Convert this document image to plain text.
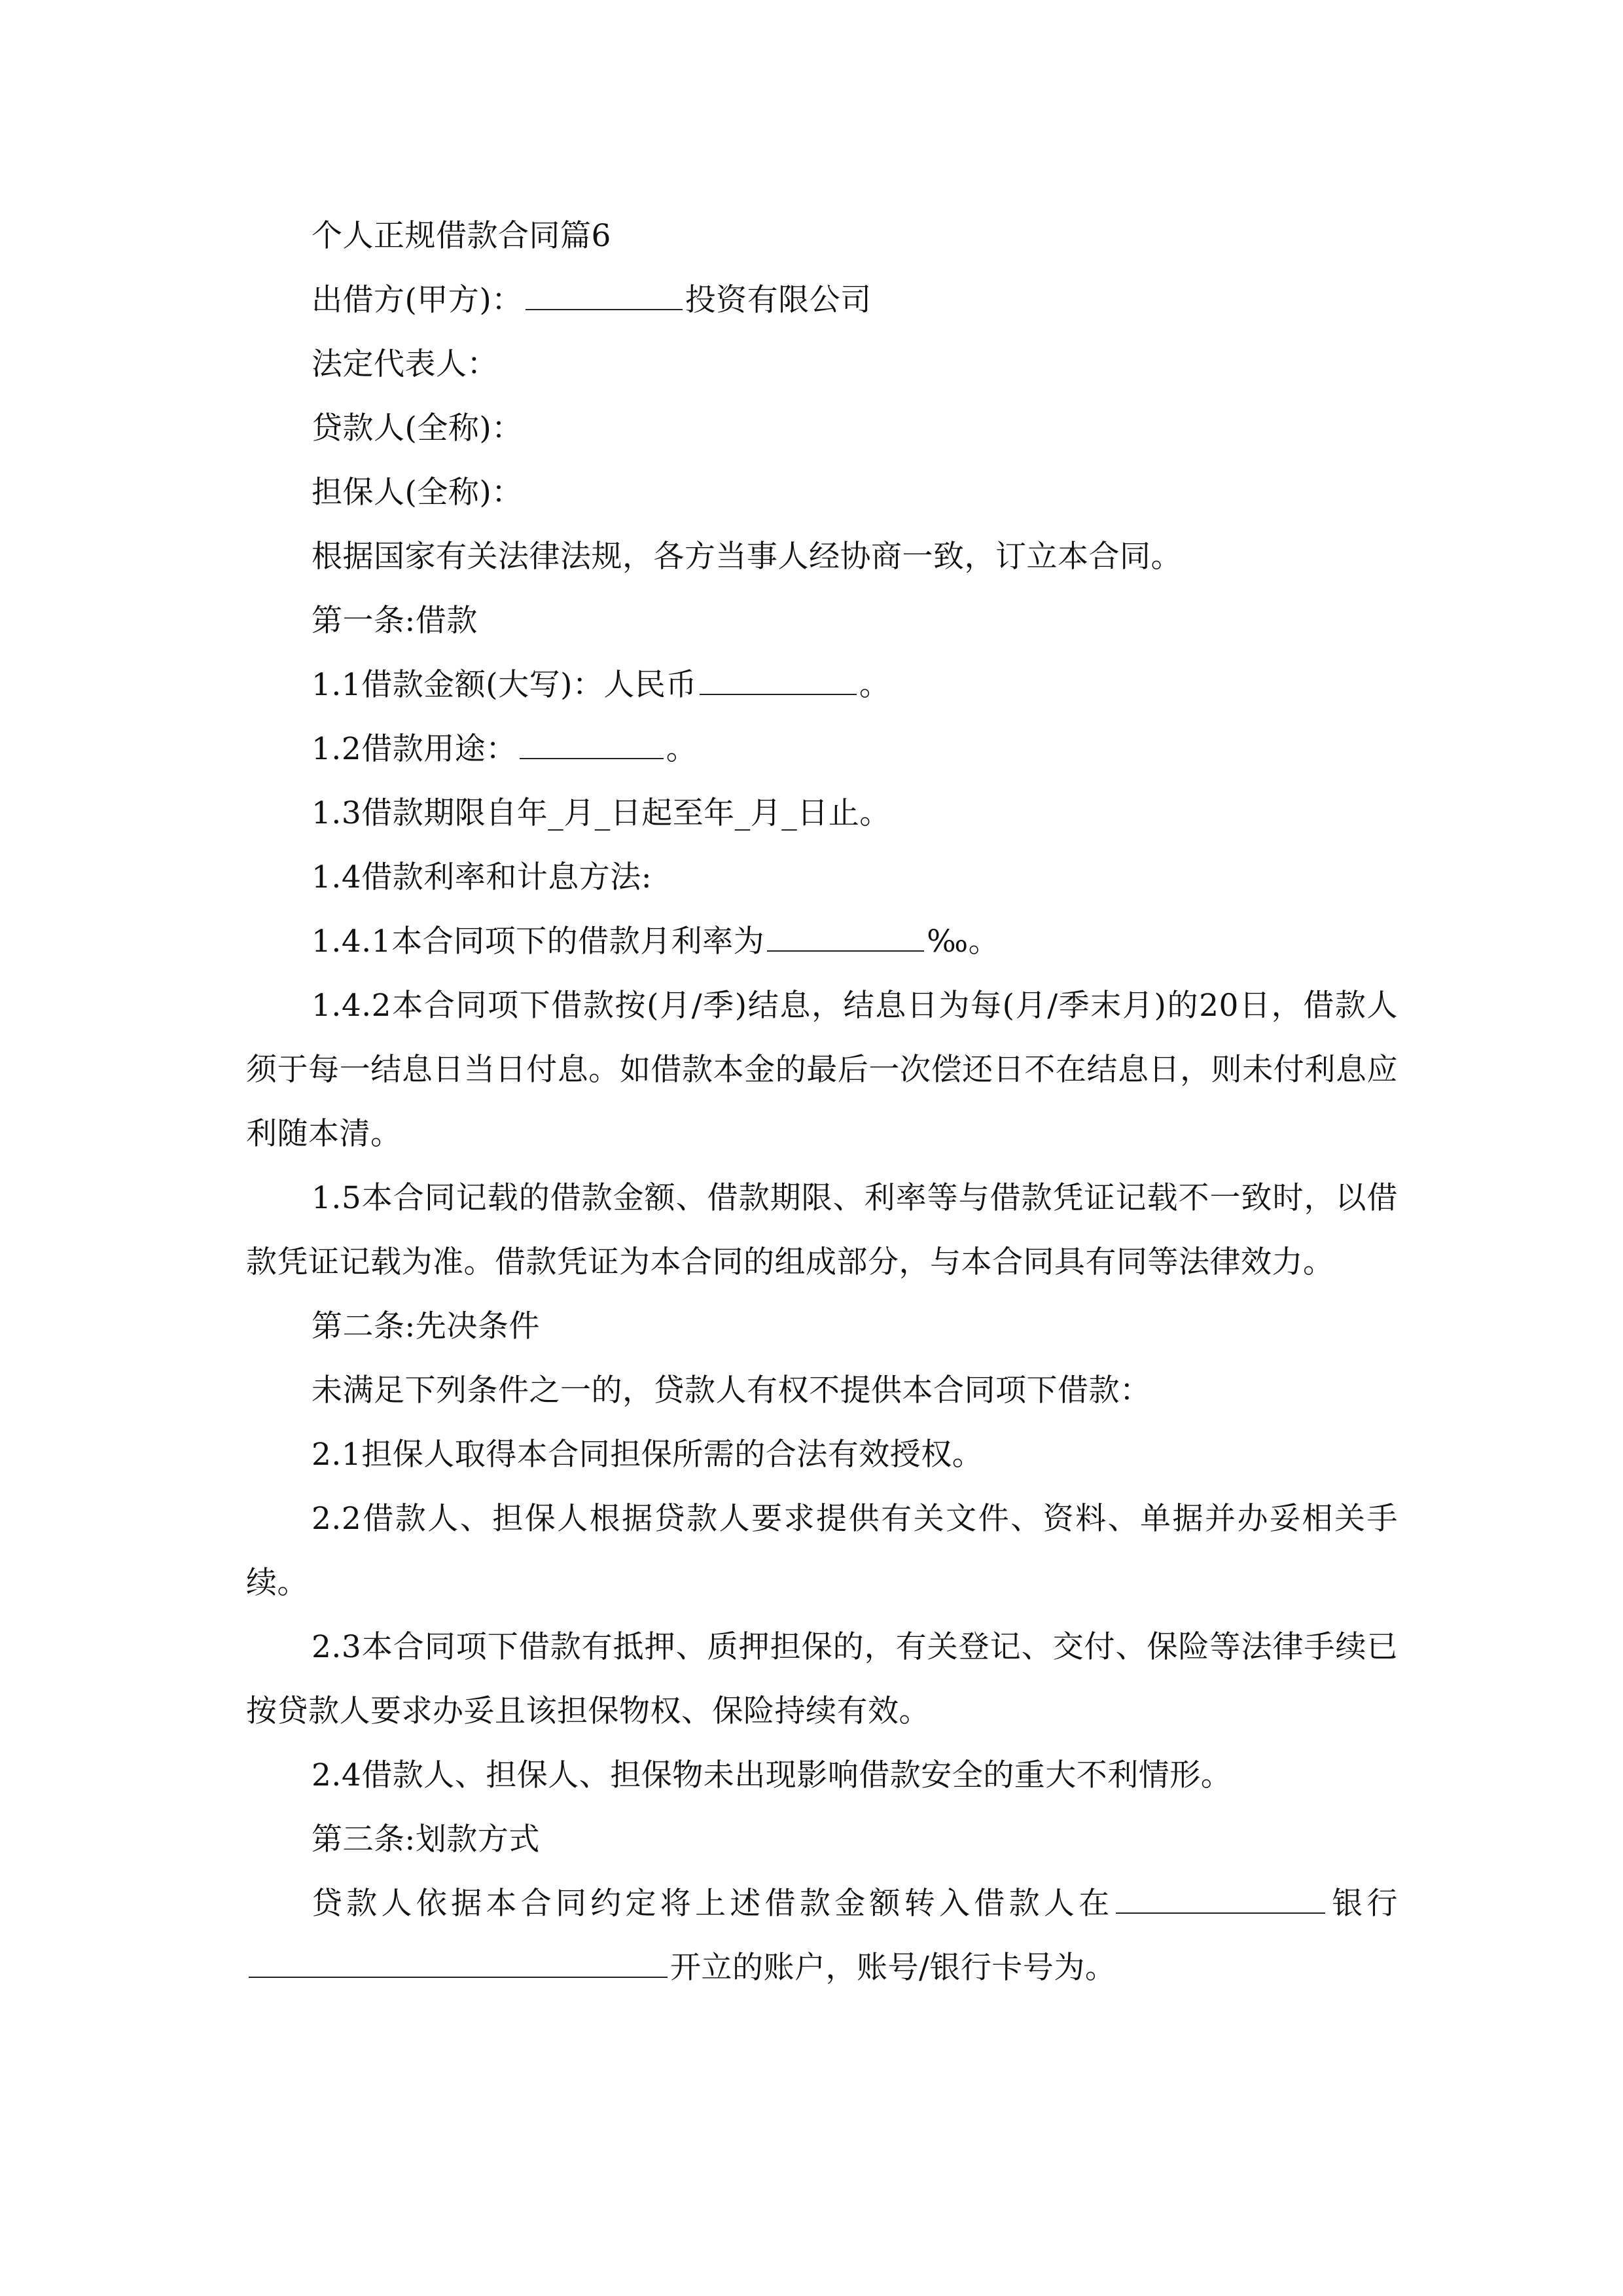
个人正规借款合同篇6

出借方(甲方)：	投资有限公司

法定代表人：

贷款人(全称)：

担保人(全称)：

根据国家有关法律法规，各方当事人经协商一致，订立本合同。

第一条:借款

1.1借款金额(大写)：人民币	。

1.2借款用途：	。

1.3借款期限自年_月_日起至年_月_日止。

1.4借款利率和计息方法:

1.4.1本合同项下的借款月利率为	‰。

1.4.2本合同项下借款按(月/季)结息，结息日为每(月/季末月)的20日，借款人须于每一结息日当日付息。如借款本金的最后一次偿还日不在结息日，则未付利息应利随本清。

1.5本合同记载的借款金额、借款期限、利率等与借款凭证记载不一致时，以借款凭证记载为准。借款凭证为本合同的组成部分，与本合同具有同等法律效力。

第二条:先决条件

未满足下列条件之一的，贷款人有权不提供本合同项下借款：

2.1担保人取得本合同担保所需的合法有效授权。

2.2借款人、担保人根据贷款人要求提供有关文件、资料、单据并办妥相关手续。

2.3本合同项下借款有抵押、质押担保的，有关登记、交付、保险等法律手续已按贷款人要求办妥且该担保物权、保险持续有效。

2.4借款人、担保人、担保物未出现影响借款安全的重大不利情形。

第三条:划款方式

贷款人依据本合同约定将上述借款金额转入借款人在	银行开立的账户，账号/银行卡号为。
